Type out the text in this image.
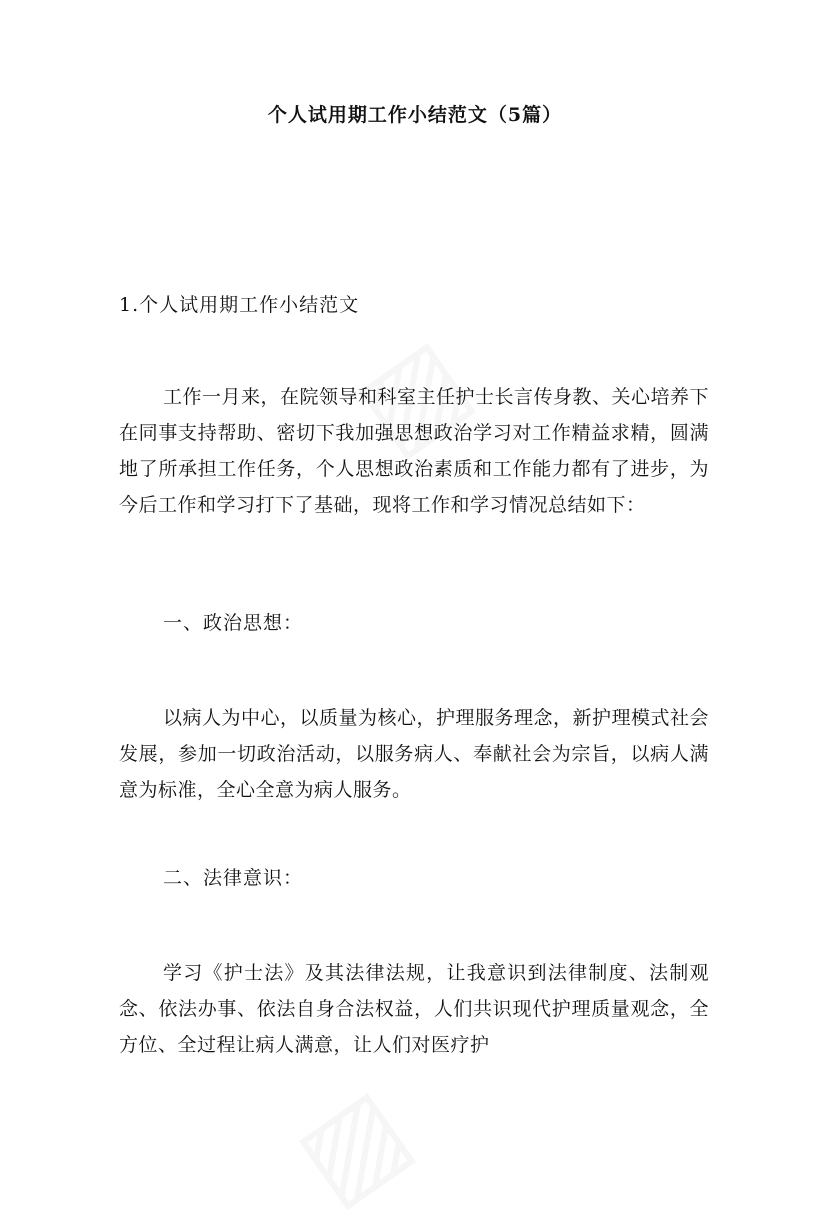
个人试用期工作小结范文（5篇）
1.个人试用期工作小结范文

工作一月来，在院领导和科室主任护士长言传身教、关心培养下在同事支持帮助、密切下我加强思想政治学习对工作精益求精，圆满地了所承担工作任务，个人思想政治素质和工作能力都有了进步，为今后工作和学习打下了基础，现将工作和学习情况总结如下：

一、政治思想：

以病人为中心，以质量为核心，护理服务理念，新护理模式社会发展，参加一切政治活动，以服务病人、奉献社会为宗旨，以病人满意为标准，全心全意为病人服务。

二、法律意识：

学习《护士法》及其法律法规，让我意识到法律制度、法制观念、依法办事、依法自身合法权益，人们共识现代护理质量观念，全方位、全过程让病人满意，让人们对医疗护
